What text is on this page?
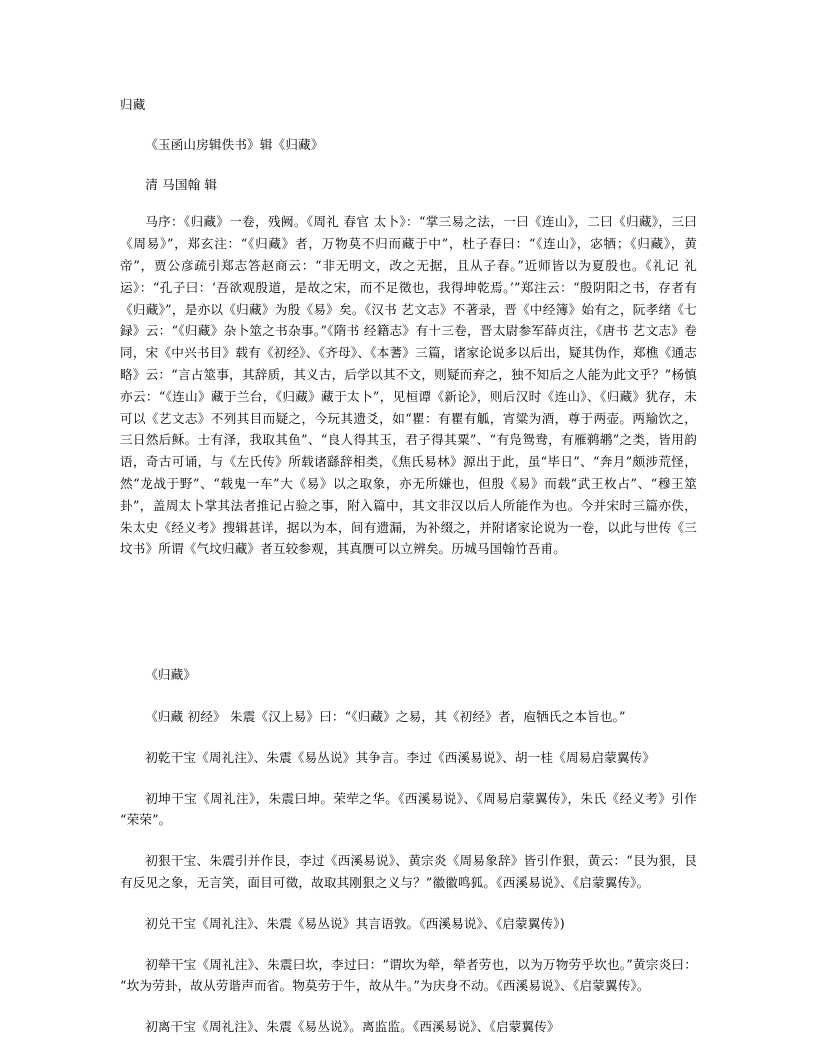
归藏
《玉函山房辑佚书》辑《归藏》
清 马国翰 辑
马序：《归藏》一卷，残阙。《周礼 春官 太卜》：“掌三易之法，一曰《连山》，二曰《归藏》，三曰《周易》”，郑玄注：“《归藏》者，万物莫不归而藏于中”，杜子春曰：“《连山》，宓牺；《归藏》，黄帝”，贾公彦疏引郑志答赵商云：“非无明文，改之无据，且从子春。”近师皆以为夏殷也。《礼记 礼运》：“孔子曰：‘吾欲观殷道，是故之宋，而不足徵也，我得坤乾焉。’”郑注云：“殷阴阳之书，存者有《归藏》”，是亦以《归藏》为殷《易》矣。《汉书 艺文志》不著录，晋《中经簿》始有之，阮孝绪《七録》云：“《归藏》杂卜筮之书杂事。”《隋书 经籍志》有十三卷，晋太尉参军薛贞注，《唐书 艺文志》卷同，宋《中兴书目》载有《初经》、《齐母》、《本蓍》三篇，诸家论说多以后出，疑其伪作，郑樵《通志略》云：“言占筮事，其辞质，其义古，后学以其不文，则疑而弃之，独不知后之人能为此文乎？”杨慎亦云：“《连山》藏于兰台，《归藏》藏于太卜”，见桓谭《新论》，则后汉时《连山》、《归藏》犹存，未可以《艺文志》不列其目而疑之，今玩其遗爻，如“瞿：有瞿有觚，宵粱为酒，尊于两壶。两羭饮之，三日然后稣。士有泽，我取其鱼”、“良人得其玉，君子得其粟”、“有凫鸳鸯，有雁鹈鹕”之类，皆用韵语，奇古可诵，与《左氏传》所载诸繇辞相类，《焦氏易林》源出于此，虽“毕日”、“奔月”颇涉荒怪，然“龙战于野”、“载鬼一车”大《易》以之取象，亦无所嫌也，但殷《易》而载“武王枚占”、“穆王筮卦”，盖周太卜掌其法者推记占验之事，附入篇中，其文非汉以后人所能作为也。今并宋时三篇亦佚，朱太史《经义考》搜辑甚详，据以为本，间有遗漏，为补缀之，并附诸家论说为一卷，以此与世传《三坟书》所谓《气坟归藏》者互较参观，其真赝可以立辨矣。历城马国翰竹吾甫。
《归藏》
《归藏 初经》 朱震《汉上易》曰：“《归藏》之易，其《初经》者，庖牺氏之本旨也。”
初乾干宝《周礼注》、朱震《易丛说》其争言。李过《西溪易说》、胡一桂《周易启蒙翼传》
初坤干宝《周礼注》，朱震曰坤。荣荦之华。《西溪易说》、《周易启蒙翼传》，朱氏《经义考》引作“荣荣”。
初狠干宝、朱震引并作艮，李过《西溪易说》、黄宗炎《周易象辞》皆引作狠，黄云：“艮为狠，艮有反见之象，无言笑，面目可徵，故取其刚狠之义与？”徽徽鸣狐。《西溪易说》、《启蒙翼传》。
初兑干宝《周礼注》、朱震《易丛说》其言语敦。《西溪易说》、《启蒙翼传》)
初犖干宝《周礼注》、朱震曰坎，李过曰：“谓坎为犖，犖者劳也，以为万物劳乎坎也。”黄宗炎曰：“坎为劳卦，故从劳谐声而省。物莫劳于牛，故从牛。”为庆身不动。《西溪易说》、《启蒙翼传》。
初离干宝《周礼注》、朱震《易丛说》。离监监。《西溪易说》、《启蒙翼传》
